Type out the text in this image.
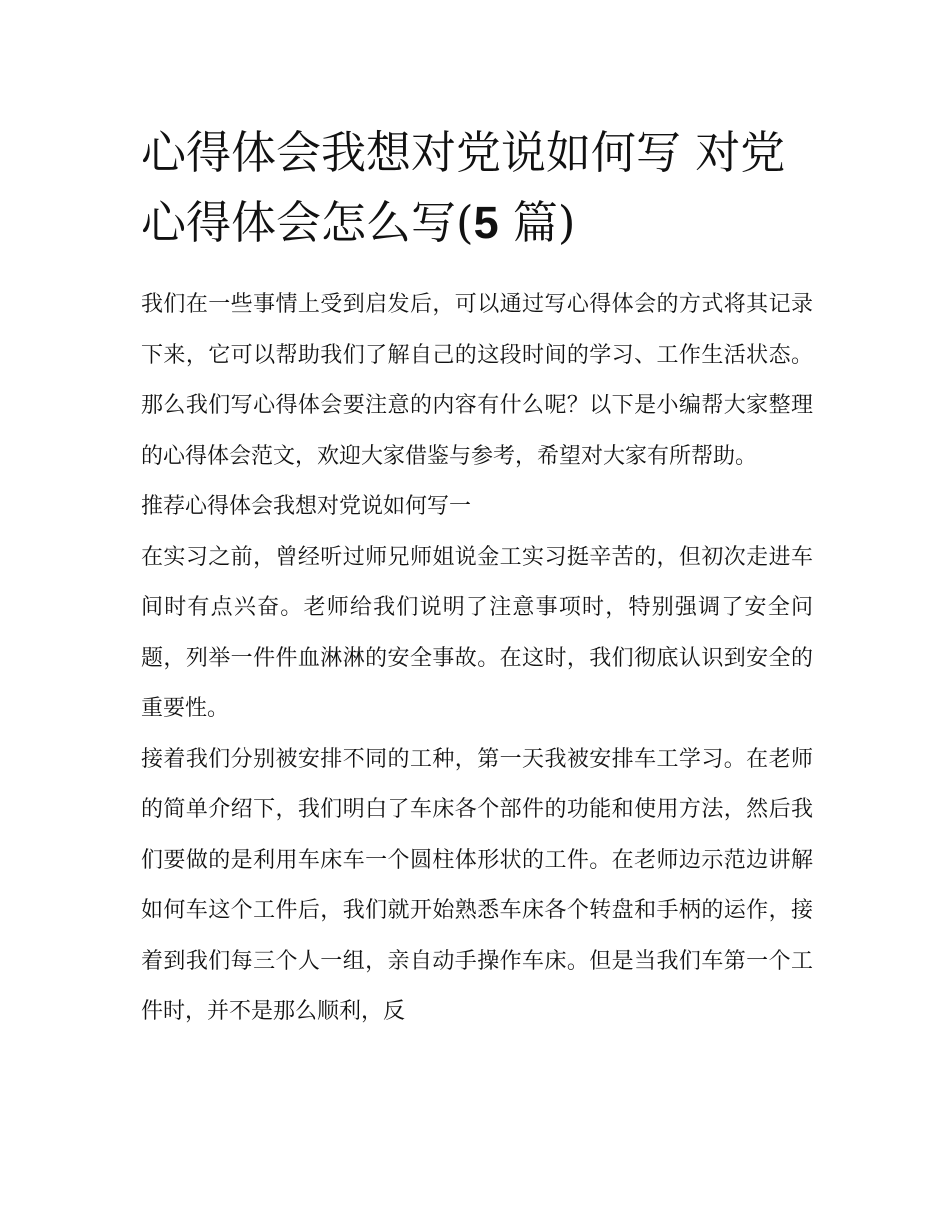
心得体会我想对党说如何写 对党心得体会怎么写(5 篇)

我们在一些事情上受到启发后，可以通过写心得体会的方式将其记录下来，它可以帮助我们了解自己的这段时间的学习、工作生活状态。那么我们写心得体会要注意的内容有什么呢？以下是小编帮大家整理的心得体会范文，欢迎大家借鉴与参考，希望对大家有所帮助。

推荐心得体会我想对党说如何写一

在实习之前，曾经听过师兄师姐说金工实习挺辛苦的，但初次走进车间时有点兴奋。老师给我们说明了注意事项时，特别强调了安全问题，列举一件件血淋淋的安全事故。在这时，我们彻底认识到安全的重要性。

接着我们分别被安排不同的工种，第一天我被安排车工学习。在老师的简单介绍下，我们明白了车床各个部件的功能和使用方法，然后我们要做的是利用车床车一个圆柱体形状的工件。在老师边示范边讲解如何车这个工件后，我们就开始熟悉车床各个转盘和手柄的运作，接着到我们每三个人一组，亲自动手操作车床。但是当我们车第一个工件时，并不是那么顺利，反
